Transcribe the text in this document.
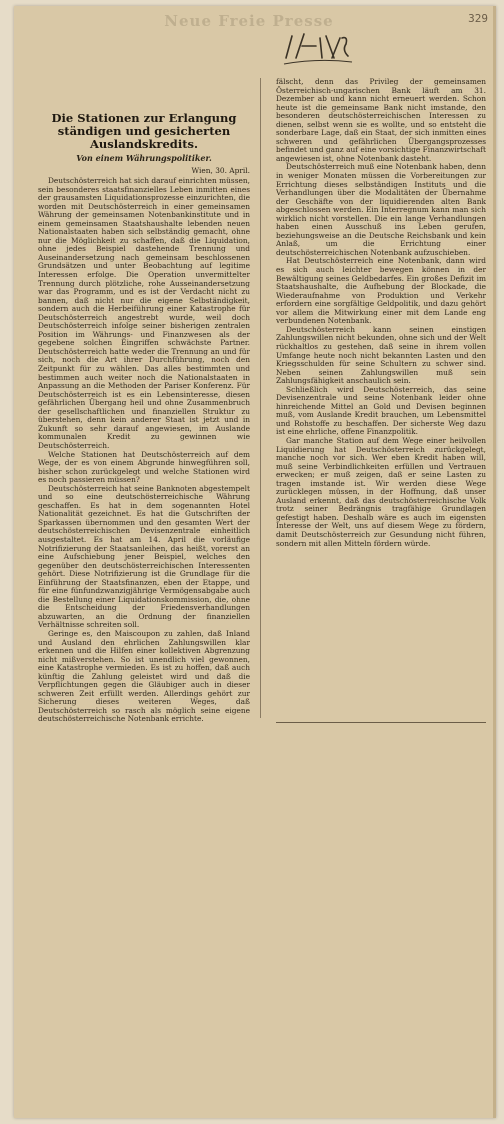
Neue Freie Presse	329
Die Stationen zur Erlangung ständigen und gesicherten Auslandskredits.
Von einem Währungspolitiker.
Wien, 30. April.

Deutschösterreich hat sich darauf einrichten müssen, sein besonderes staatsfinanzielles Leben inmitten eines der grausamsten Liquidationsprozesse einzurichten, die worden mit Deutschösterreich in einer gemeinsamen Währung der gemeinsamen Notenbankinstitute und in einem gemeinsamen Staatshaushalte lebenden neuen Nationalstaaten haben sich selbständig gemacht, ohne nur die Möglichkeit zu schaffen, daß die Liquidation, ohne jedes Beispiel dastehende Trennung und Auseinandersetzung nach gemeinsam beschlossenen Grundsätzen und unter Beobachtung auf legitime Interessen erfolge. Die Operation unvermittelter Trennung durch plötzliche, rohe Ausseinandersetzung war das Programm, und es ist der Verdacht nicht zu bannen, daß nicht nur die eigene Selbständigkeit, sondern auch die Herbeiführung einer Katastrophe für Deutschösterreich angestrebt wurde, weil doch Deutschösterreich infolge seiner bisherigen zentralen Position im Währungs- und Finanzwesen als der gegebene solchen Eingriffen schwächste Partner. Deutschösterreich hatte weder die Trennung an und für sich, noch die Art ihrer Durchführung, noch den Zeitpunkt für zu wählen. Das alles bestimmten und bestimmen auch weiter noch die Nationalstaaten in Anpassung an die Methoden der Pariser Konferenz. Für Deutschösterreich ist es ein Lebensinteresse, diesen gefährlichen Übergang heil und ohne Zusammenbruch der gesellschaftlichen und finanziellen Struktur zu überstehen, denn kein anderer Staat ist jetzt und in Zukunft so sehr darauf angewiesen, im Auslande kommunalen Kredit zu gewinnen wie Deutschösterreich.

Welche Stationen hat Deutschösterreich auf dem Wege, der es von einem Abgrunde hinwegführen soll, bisher schon zurückgelegt und welche Stationen wird es noch passieren müssen?

Deutschösterreich hat seine Banknoten abgestempelt und so eine deutschösterreichische Währung geschaffen. Es hat in dem sogenannten Hotel Nationalität gezeichnet. Es hat die Gutschriften der Sparkassen übernommen und den gesamten Wert der deutschösterreichischen Devisenzentrale einheitlich ausgestaltet. Es hat am 14. April die vorläufige Notrifizierung der Staatsanleihen, das heißt, vorerst an eine Aufschiebung jener Beispiel, welches den gegenüber den deutschösterreichischen Interessenten gehört. Diese Notrifizierung ist die Grundlage für die Einführung der Staatsfinanzen, eben der Etappe, und für eine fünfundzwanzigjährige Vermögensabgabe auch die Bestellung einer Liquidationskommission, die, ohne die Entscheidung der Friedensverhandlungen abzuwarten, an die Ordnung der finanziellen Verhältnisse schreiten soll.

Geringe es, den Maiscoupon zu zahlen, daß Inland und Ausland den ehrlichen Zahlungswillen klar erkennen und die Hilfen einer kollektiven Abgrenzung nicht mißverstehen. So ist unendlich viel gewonnen, eine Katastrophe vermieden. Es ist zu hoffen, daß auch künftig die Zahlung geleistet wird und daß die Verpflichtungen gegen die Gläubiger auch in dieser schweren Zeit erfüllt werden. Allerdings gehört zur Sicherung dieses weiteren Weges, daß Deutschösterreich so rasch als möglich seine eigene deutschösterreichische Notenbank errichte.

fälscht, denn das Privileg der gemeinsamen Österreichisch-ungarischen Bank läuft am 31. Dezember ab und kann nicht erneuert werden. Schon heute ist die gemeinsame Bank nicht imstande, den besonderen deutschösterreichischen Interessen zu dienen, selbst wenn sie es wollte, und so entsteht die sonderbare Lage, daß ein Staat, der sich inmitten eines schweren und gefährlichen Übergangsprozesses befindet und ganz auf eine vorsichtige Finanzwirtschaft angewiesen ist, ohne Notenbank dasteht.

Deutschösterreich muß eine Notenbank haben, denn in weniger Monaten müssen die Vorbereitungen zur Errichtung dieses selbständigen Instituts und die Verhandlungen über die Modalitäten der Übernahme der Geschäfte von der liquidierenden alten Bank abgeschlossen werden. Ein Interregnum kann man sich wirklich nicht vorstellen. Die ein lange Verhandlungen haben einen Ausschuß ins Leben gerufen, beziehungsweise an die Deutsche Reichsbank und kein Anlaß, um die Errichtung einer deutschösterreichischen Notenbank aufzuschieben.

Hat Deutschösterreich eine Notenbank, dann wird es sich auch leichter bewegen können in der Bewältigung seines Geldbedarfes. Ein großes Defizit im Staatshaushalte, die Aufhebung der Blockade, die Wiederaufnahme von Produktion und Verkehr erfordern eine sorgfältige Geldpolitik, und dazu gehört vor allem die Mitwirkung einer mit dem Lande eng verbundenen Notenbank.

Deutschösterreich kann seinen einstigen Zahlungswillen nicht bekunden, ohne sich und der Welt rückhaltlos zu gestehen, daß seine in ihrem vollen Umfange heute noch nicht bekannten Lasten und den Kriegsschulden für seine Schultern zu schwer sind. Neben seinen Zahlungswillen muß sein Zahlungsfähigkeit anschaulich sein.

Schließlich wird Deutschösterreich, das seine Devisenzentrale und seine Notenbank leider ohne hinreichende Mittel an Gold und Devisen beginnen muß, vom Auslande Kredit brauchen, um Lebensmittel und Rohstoffe zu beschaffen. Der sicherste Weg dazu ist eine ehrliche, offene Finanzpolitik.

Gar manche Station auf dem Wege einer heilvollen Liquidierung hat Deutschösterreich zurückgelegt, manche noch vor sich. Wer eben Kredit haben will, muß seine Verbindlichkeiten erfüllen und Vertrauen erwecken; er muß zeigen, daß er seine Lasten zu tragen imstande ist. Wir werden diese Wege zurücklegen müssen, in der Hoffnung, daß unser Ausland erkennt, daß das deutschösterreichische Volk trotz seiner Bedrängnis tragfähige Grundlagen gefestigt haben. Deshalb wäre es auch im eigensten Interesse der Welt, uns auf diesem Wege zu fördern, damit Deutschösterreich zur Gesundung nicht führen, sondern mit allen Mitteln fördern würde.
